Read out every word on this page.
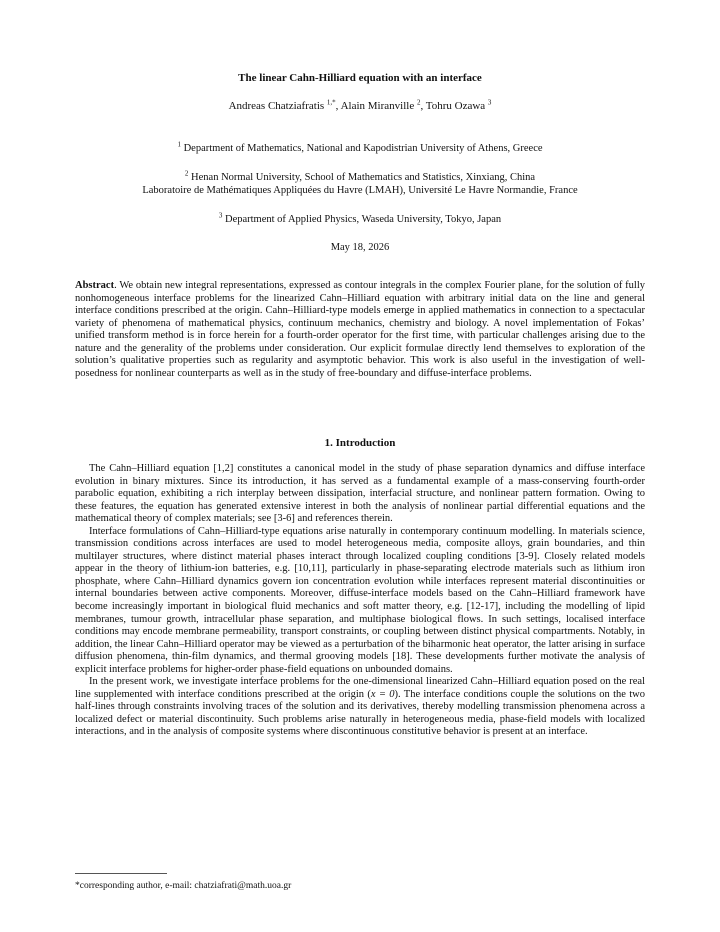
The linear Cahn-Hilliard equation with an interface
Andreas Chatziafratis $^{1,*}$, Alain Miranville $^2$, Tohru Ozawa $^3$
$^1$ Department of Mathematics, National and Kapodistrian University of Athens, Greece
$^2$ Henan Normal University, School of Mathematics and Statistics, Xinxiang, China
Laboratoire de Mathématiques Appliquées du Havre (LMAH), Université Le Havre Normandie, France
$^3$ Department of Applied Physics, Waseda University, Tokyo, Japan
May 18, 2026
Abstract. We obtain new integral representations, expressed as contour integrals in the complex Fourier plane, for the solution of fully nonhomogeneous interface problems for the linearized Cahn–Hilliard equation with arbitrary initial data on the line and general interface conditions prescribed at the origin. Cahn–Hilliard-type models emerge in applied mathematics in connection to a spectacular variety of phenomena of mathematical physics, continuum mechanics, chemistry and biology. A novel implementation of Fokas’ unified transform method is in force herein for a fourth-order operator for the first time, with particular challenges arising due to the nature and the generality of the problems under consideration. Our explicit formulae directly lend themselves to exploration of the solution’s qualitative properties such as regularity and asymptotic behavior. This work is also useful in the investigation of well-posedness for nonlinear counterparts as well as in the study of free-boundary and diffuse-interface problems.
1. Introduction

The Cahn–Hilliard equation [1,2] constitutes a canonical model in the study of phase separation dynamics and diffuse interface evolution in binary mixtures. Since its introduction, it has served as a fundamental example of a mass-conserving fourth-order parabolic equation, exhibiting a rich interplay between dissipation, interfacial structure, and nonlinear pattern formation. Owing to these features, the equation has generated extensive interest in both the analysis of nonlinear partial differential equations and the mathematical theory of complex materials; see [3-6] and references therein.

Interface formulations of Cahn–Hilliard-type equations arise naturally in contemporary continuum modelling. In materials science, transmission conditions across interfaces are used to model heterogeneous media, composite alloys, grain boundaries, and thin multilayer structures, where distinct material phases interact through localized coupling conditions [3-9]. Closely related models appear in the theory of lithium-ion batteries, e.g. [10,11], particularly in phase-separating electrode materials such as lithium iron phosphate, where Cahn–Hilliard dynamics govern ion concentration evolution while interfaces represent material discontinuities or internal boundaries between active components. Moreover, diffuse-interface models based on the Cahn–Hilliard framework have become increasingly important in biological fluid mechanics and soft matter theory, e.g. [12-17], including the modelling of lipid membranes, tumour growth, intracellular phase separation, and multiphase biological flows. In such settings, localised interface conditions may encode membrane permeability, transport constraints, or coupling between distinct physical compartments. Notably, in addition, the linear Cahn–Hilliard operator may be viewed as a perturbation of the biharmonic heat operator, the latter arising in surface diffusion phenomena, thin-film dynamics, and thermal grooving models [18]. These developments further motivate the analysis of explicit interface problems for higher-order phase-field equations on unbounded domains.

In the present work, we investigate interface problems for the one-dimensional linearized Cahn–Hilliard equation posed on the real line supplemented with interface conditions prescribed at the origin (x = 0). The interface conditions couple the solutions on the two half-lines through constraints involving traces of the solution and its derivatives, thereby modelling transmission phenomena across a localized defect or material discontinuity. Such problems arise naturally in heterogeneous media, phase-field models with localized interactions, and in the analysis of composite systems where discontinuous constitutive behavior is present at an interface.

*corresponding author, e-mail: chatziafrati@math.uoa.gr
